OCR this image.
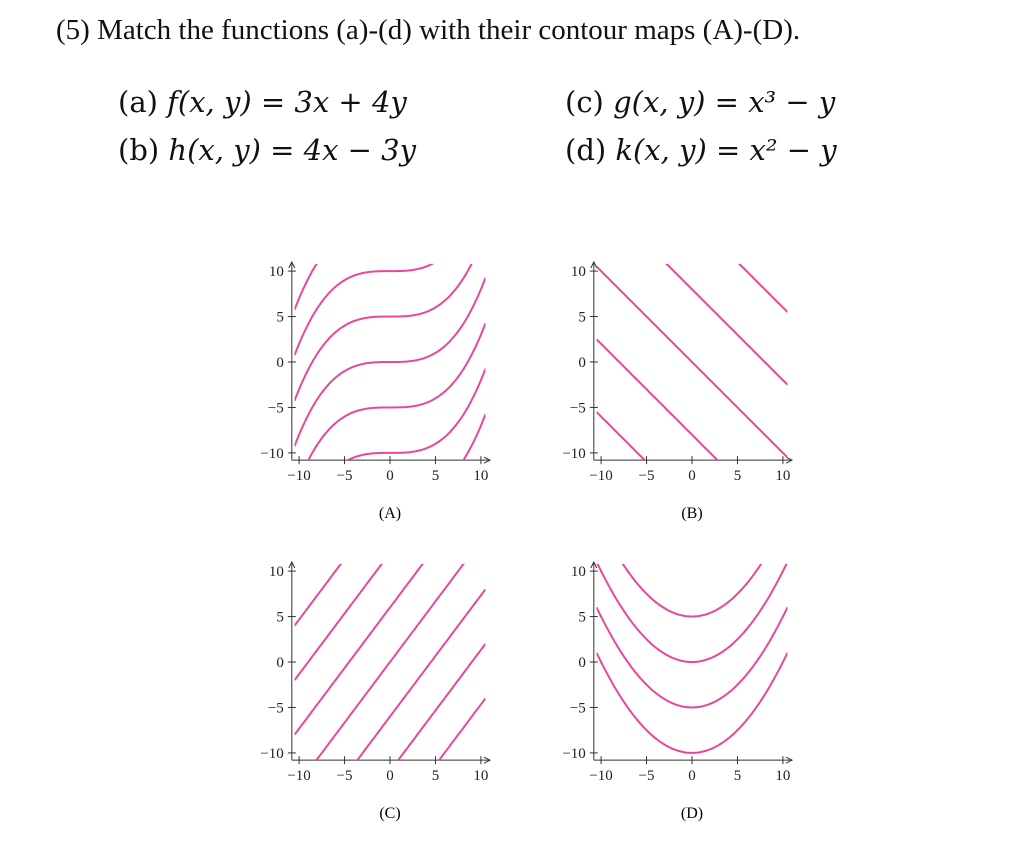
(5) Match the functions (a)-(d) with their contour maps (A)-(D).
(a) f(x, y) = 3x + 4y
(b) h(x, y) = 4x − 3y
(c) g(x, y) = x³ − y
(d) k(x, y) = x² − y
10
5
0
−5
−10
−10 −5 0	5 10
(A)
10
5
0
−5
−10
−10 −5 0	5 10
(B)
10
5
0
−5
−10
−10 −5 0	5 10
(C)
10
5
0
−5
−10
−10 −5 0	5 10
(D)
